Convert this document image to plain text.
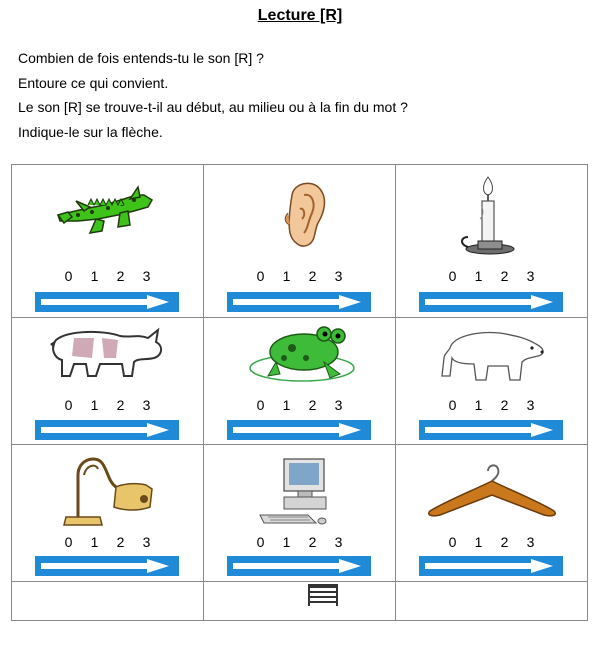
Lecture [R]
Combien de fois entends-tu le son [R] ?
Entoure ce qui convient.
Le son [R] se trouve-t-il au début, au milieu ou à la fin du mot ?
Indique-le sur la flèche.
0 1 2 3	0 1 2 3	0 1 2 3
0 1 2 3	0 1 2 3	0 1 2 3
0 1 2 3	0 1 2 3	0 1 2 3
